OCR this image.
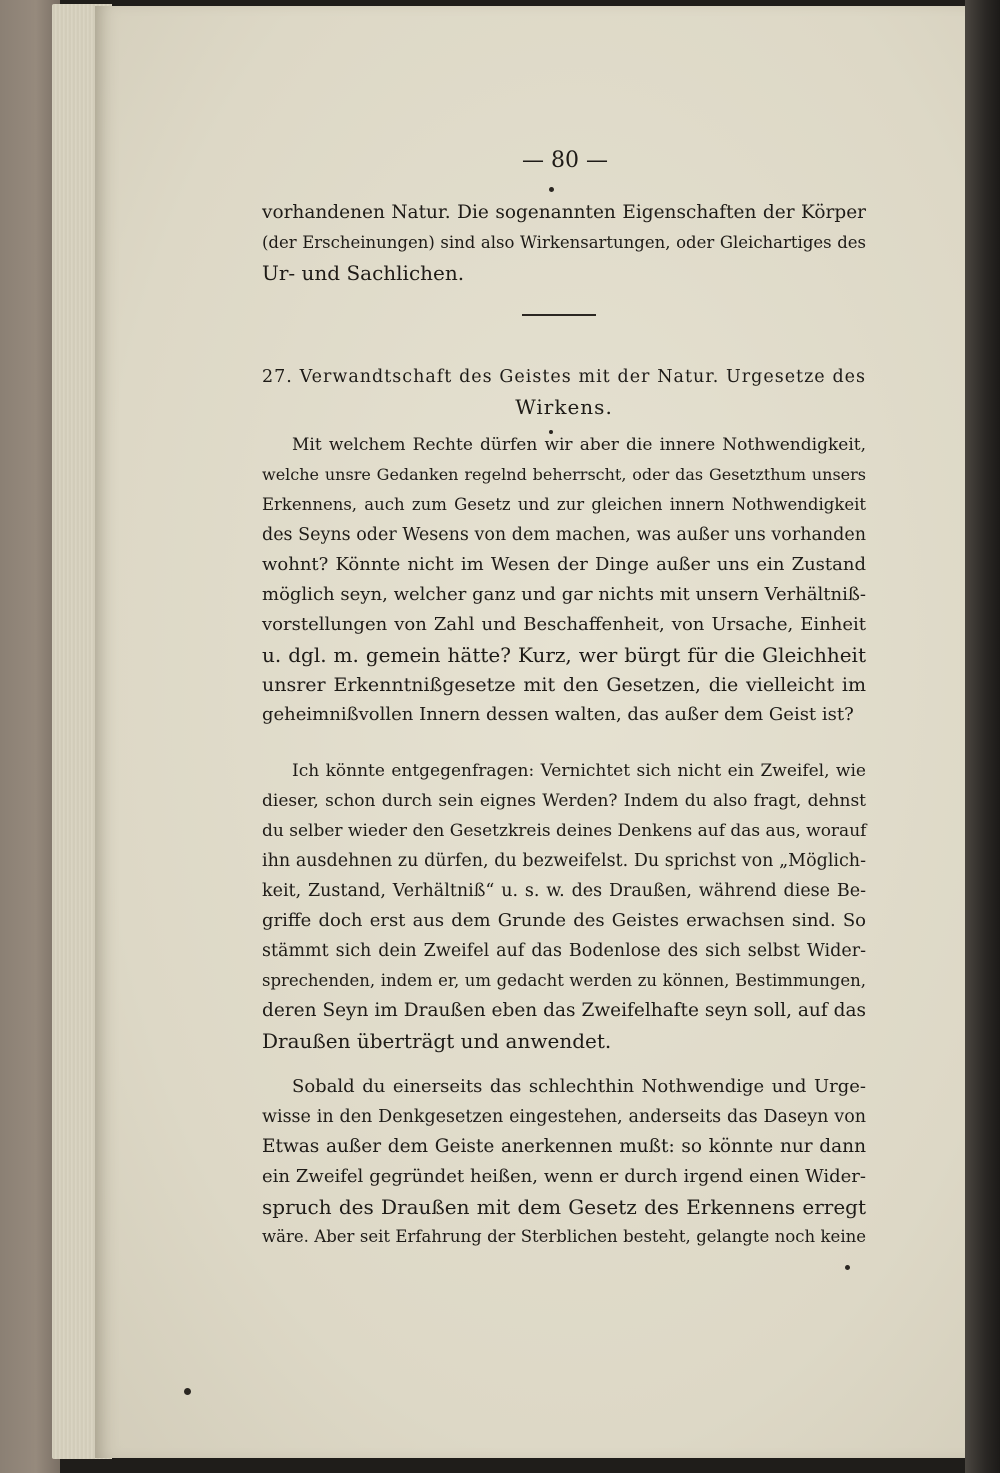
— 80 —
vorhandenen Natur. Die sogenannten Eigenschaften der Körper
(der Erscheinungen) sind also Wirkensartungen, oder Gleichartiges des
Ur- und Sachlichen.
27. Verwandtschaft des Geistes mit der Natur. Urgesetze des
Wirkens.
Mit welchem Rechte dürfen wir aber die innere Nothwendigkeit,
welche unsre Gedanken regelnd beherrscht, oder das Gesetzthum unsers
Erkennens, auch zum Gesetz und zur gleichen innern Nothwendigkeit
des Seyns oder Wesens von dem machen, was außer uns vorhanden
wohnt? Könnte nicht im Wesen der Dinge außer uns ein Zustand
möglich seyn, welcher ganz und gar nichts mit unsern Verhältniß-
vorstellungen von Zahl und Beschaffenheit, von Ursache, Einheit
u. dgl. m. gemein hätte? Kurz, wer bürgt für die Gleichheit
unsrer Erkenntnißgesetze mit den Gesetzen, die vielleicht im
geheimnißvollen Innern dessen walten, das außer dem Geist ist?
Ich könnte entgegenfragen: Vernichtet sich nicht ein Zweifel, wie
dieser, schon durch sein eignes Werden? Indem du also fragt, dehnst
du selber wieder den Gesetzkreis deines Denkens auf das aus, worauf
ihn ausdehnen zu dürfen, du bezweifelst. Du sprichst von „Möglich-
keit, Zustand, Verhältniß“ u. s. w. des Draußen, während diese Be-
griffe doch erst aus dem Grunde des Geistes erwachsen sind. So
stämmt sich dein Zweifel auf das Bodenlose des sich selbst Wider-
sprechenden, indem er, um gedacht werden zu können, Bestimmungen,
deren Seyn im Draußen eben das Zweifelhafte seyn soll, auf das
Draußen überträgt und anwendet.
Sobald du einerseits das schlechthin Nothwendige und Urge-
wisse in den Denkgesetzen eingestehen, anderseits das Daseyn von
Etwas außer dem Geiste anerkennen mußt: so könnte nur dann
ein Zweifel gegründet heißen, wenn er durch irgend einen Wider-
spruch des Draußen mit dem Gesetz des Erkennens erregt
wäre. Aber seit Erfahrung der Sterblichen besteht, gelangte noch keine
